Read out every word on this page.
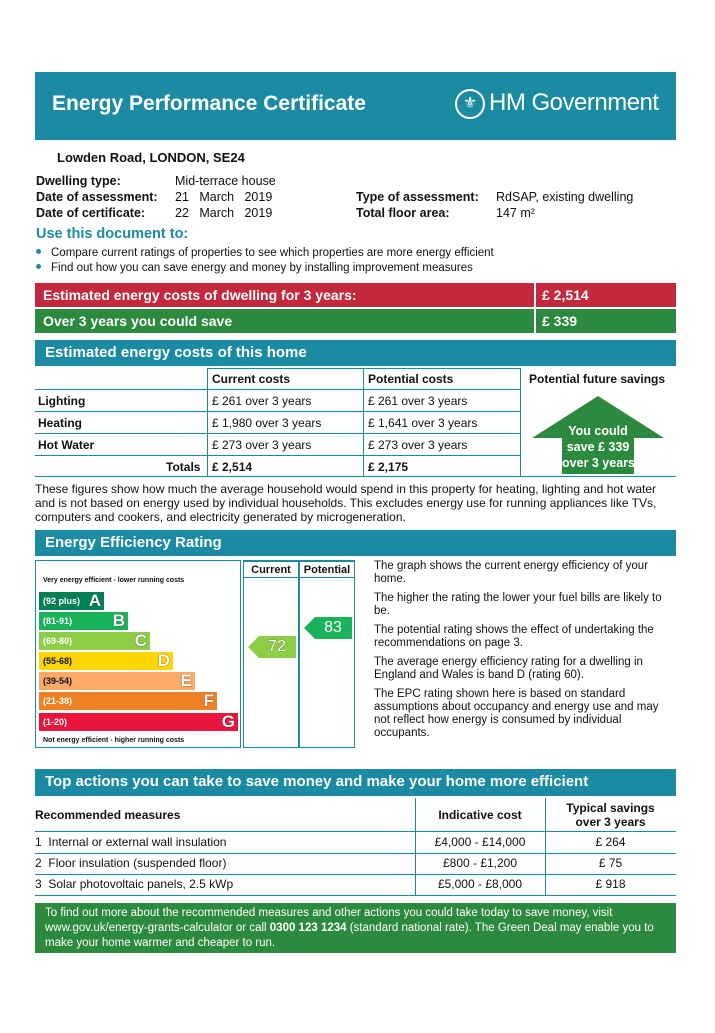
Energy Performance Certificate	⚜ HM Government
Lowden Road, LONDON, SE24
Dwelling type:	Mid-terrace house
Date of assessment: 21 March 2019
Date of certificate: 22 March 2019
Type of assessment: RdSAP, existing dwelling
Total floor area:	147 m²
Use this document to:
Compare current ratings of properties to see which properties are more energy efficient
Find out how you can save energy and money by installing improvement measures
Estimated energy costs of dwelling for 3 years:	£ 2,514
Over 3 years you could save	£ 339
Estimated energy costs of this home
Current costs	Potential costs	Potential future savings
Lighting	£ 261 over 3 years	£ 261 over 3 years
Heating	£ 1,980 over 3 years	£ 1,641 over 3 years
Hot Water	£ 273 over 3 years	£ 273 over 3 years
Totals £ 2,514	£ 2,175
You could
save £ 339
over 3 years
These figures show how much the average household would spend in this property for heating, lighting and hot water and is not based on energy used by individual households. This excludes energy use for running appliances like TVs, computers and cookers, and electricity generated by microgeneration.
Energy Efficiency Rating
Very energy efficient - lower running costs
(92 plus) A
(81-91) B
(69-80)	C
(55-68)	D
(39-54)	E
(21-38)	F
(1-20)	G
Not energy efficient - higher running costs
Current
72
Potential
83
The graph shows the current energy efficiency of your home.
The higher the rating the lower your fuel bills are likely to be.
The potential rating shows the effect of undertaking the recommendations on page 3.
The average energy efficiency rating for a dwelling in England and Wales is band D (rating 60).
The EPC rating shown here is based on standard assumptions about occupancy and energy use and may not reflect how energy is consumed by individual occupants.
Top actions you can take to save money and make your home more efficient
Recommended measures	Indicative cost	Typical savings
over 3 years
1 Internal or external wall insulation	£4,000 - £14,000	£ 264
2 Floor insulation (suspended floor)	£800 - £1,200	£ 75
3 Solar photovoltaic panels, 2.5 kWp	£5,000 - £8,000	£ 918
To find out more about the recommended measures and other actions you could take today to save money, visit www.gov.uk/energy-grants-calculator or call 0300 123 1234 (standard national rate). The Green Deal may enable you to make your home warmer and cheaper to run.
